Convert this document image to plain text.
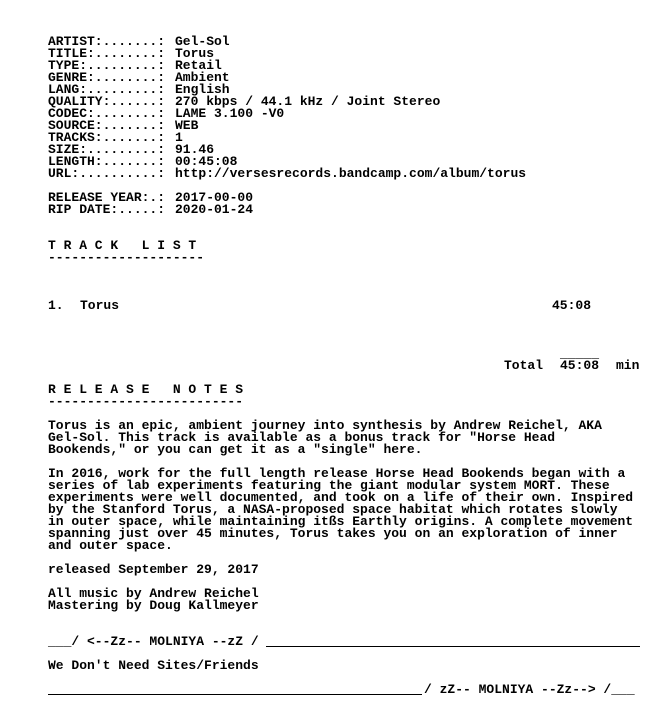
ARTIST:.......: Gel-Sol
TITLE:........: Torus
TYPE:.........: Retail
GENRE:........: Ambient
LANG:.........: English
QUALITY:......: 270 kbps / 44.1 kHz / Joint Stereo
CODEC:........: LAME 3.100 -V0
SOURCE:.......: WEB
TRACKS:.......: 1
SIZE:.........: 91.46
LENGTH:.......: 00:45:08
URL:..........: http://versesrecords.bandcamp.com/album/torus
RELEASE YEAR:.: 2017-00-00
RIP DATE:.....: 2020-01-24
T R A C K   L I S T
--------------------
1. Torus	45:08
_____
Total 45:08 min
R E L E A S E   N O T E S
-------------------------
Torus is an epic, ambient journey into synthesis by Andrew Reichel, AKA
Gel-Sol. This track is available as a bonus track for "Horse Head
Bookends," or you can get it as a "single" here.
In 2016, work for the full length release Horse Head Bookends began with a
series of lab experiments featuring the giant modular system MORT. These
experiments were well documented, and took on a life of their own. Inspired
by the Stanford Torus, a NASA-proposed space habitat which rotates slowly
in outer space, while maintaining itßs Earthly origins. A complete movement
spanning just over 45 minutes, Torus takes you on an exploration of inner
and outer space.
released September 29, 2017
All music by Andrew Reichel
Mastering by Doug Kallmeyer
___/ <--Zz-- MOLNIYA --zZ /
We Don't Need Sites/Friends
/ zZ-- MOLNIYA --Zz--> /___
